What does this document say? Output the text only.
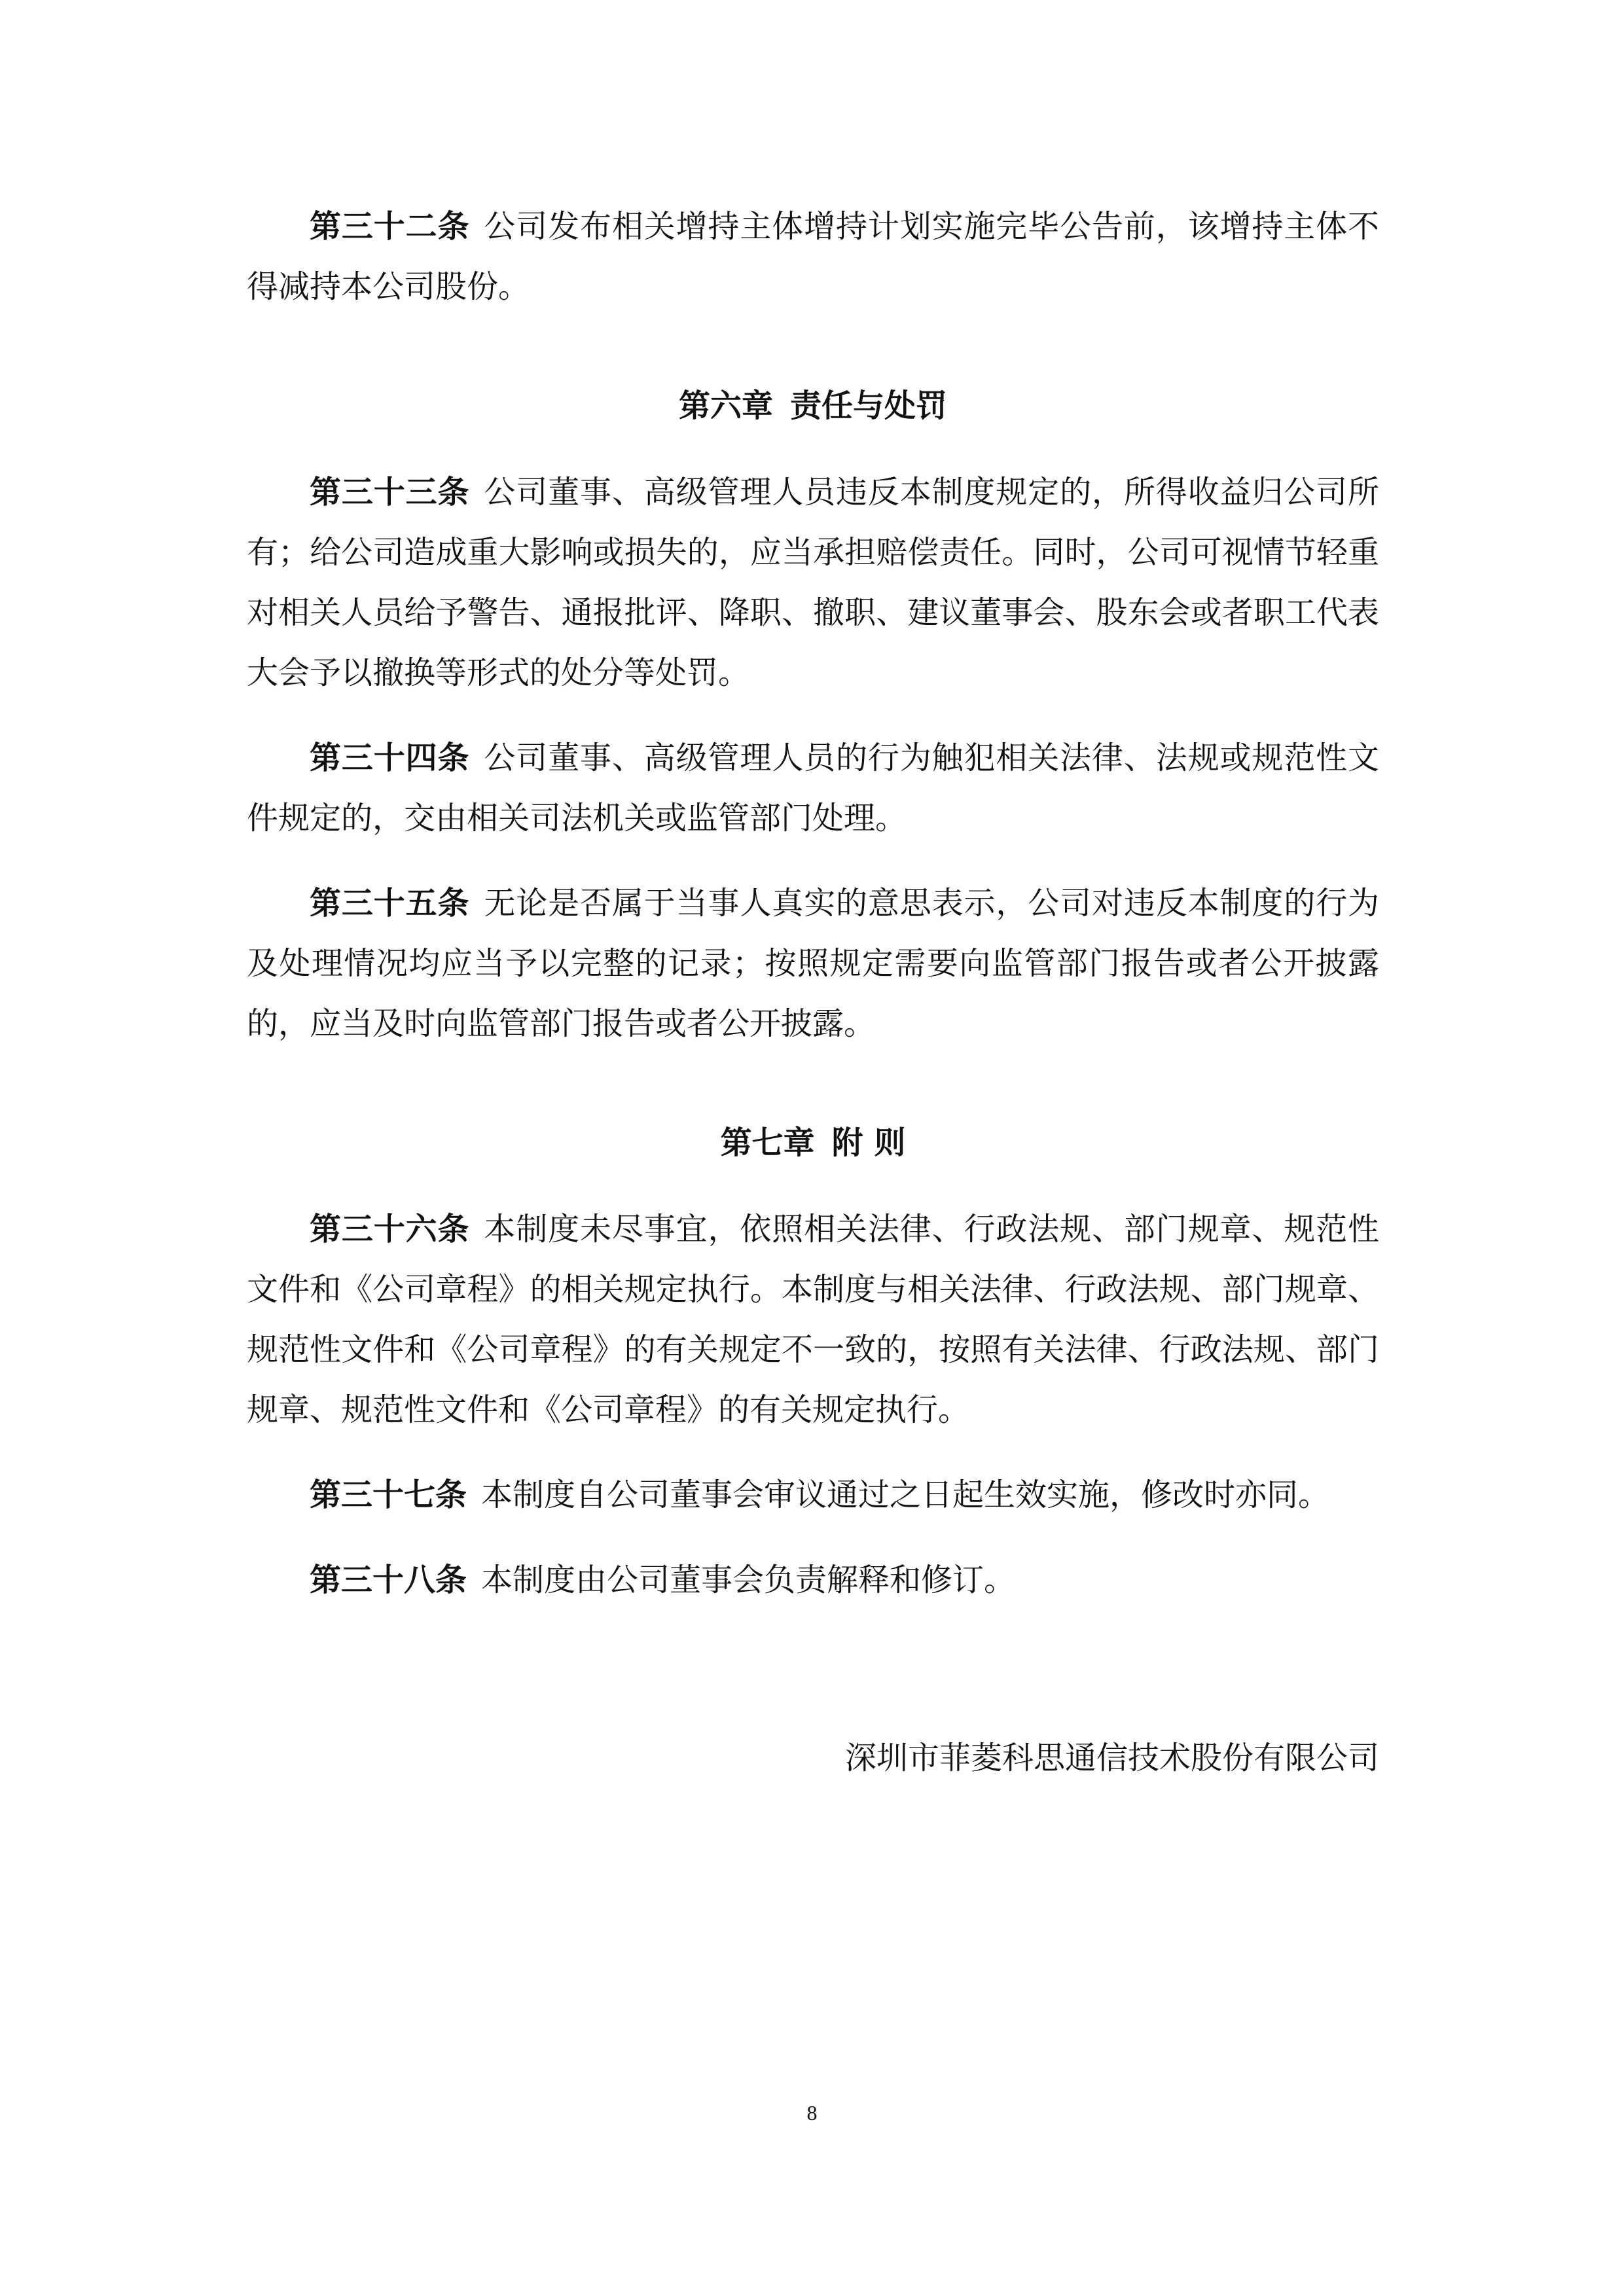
第三十二条 公司发布相关增持主体增持计划实施完毕公告前，该增持主体不得减持本公司股份。

第六章 责任与处罚

第三十三条 公司董事、高级管理人员违反本制度规定的，所得收益归公司所有；给公司造成重大影响或损失的，应当承担赔偿责任。同时，公司可视情节轻重对相关人员给予警告、通报批评、降职、撤职、建议董事会、股东会或者职工代表大会予以撤换等形式的处分等处罚。

第三十四条 公司董事、高级管理人员的行为触犯相关法律、法规或规范性文件规定的，交由相关司法机关或监管部门处理。

第三十五条 无论是否属于当事人真实的意思表示，公司对违反本制度的行为及处理情况均应当予以完整的记录；按照规定需要向监管部门报告或者公开披露的，应当及时向监管部门报告或者公开披露。

第七章 附 则

第三十六条 本制度未尽事宜，依照相关法律、行政法规、部门规章、规范性文件和《公司章程》的相关规定执行。本制度与相关法律、行政法规、部门规章、规范性文件和《公司章程》的有关规定不一致的，按照有关法律、行政法规、部门规章、规范性文件和《公司章程》的有关规定执行。

第三十七条 本制度自公司董事会审议通过之日起生效实施，修改时亦同。

第三十八条 本制度由公司董事会负责解释和修订。

深圳市菲菱科思通信技术股份有限公司
8
